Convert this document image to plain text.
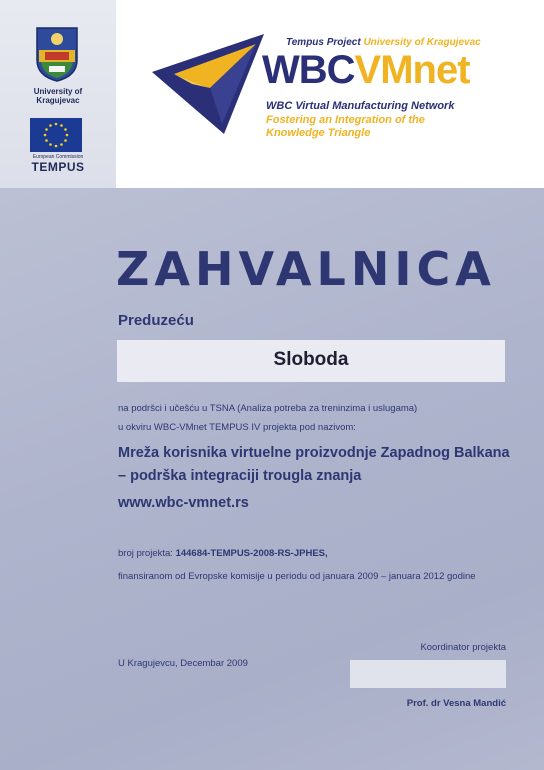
University of
Kragujevac
European Commission
TEMPUS
Tempus Project University of Kragujevac
WBCVMnet
WBC Virtual Manufacturing Network
Fostering an Integration of the
Knowledge Triangle
ZAHVALNICA
Preduzeću
Sloboda
na podršci i učešću u TSNA (Analiza potreba za treninzima i uslugama)
u okviru WBC-VMnet TEMPUS IV projekta pod nazivom:
Mreža korisnika virtuelne proizvodnje Zapadnog Balkana – podrška integraciji trougla znanja
www.wbc-vmnet.rs
broj projekta: 144684-TEMPUS-2008-RS-JPHES,
finansiranom od Evropske komisije u periodu od januara 2009 – januara 2012 godine
U Kragujevcu, Decembar 2009
Koordinator projekta
Prof. dr Vesna Mandić
